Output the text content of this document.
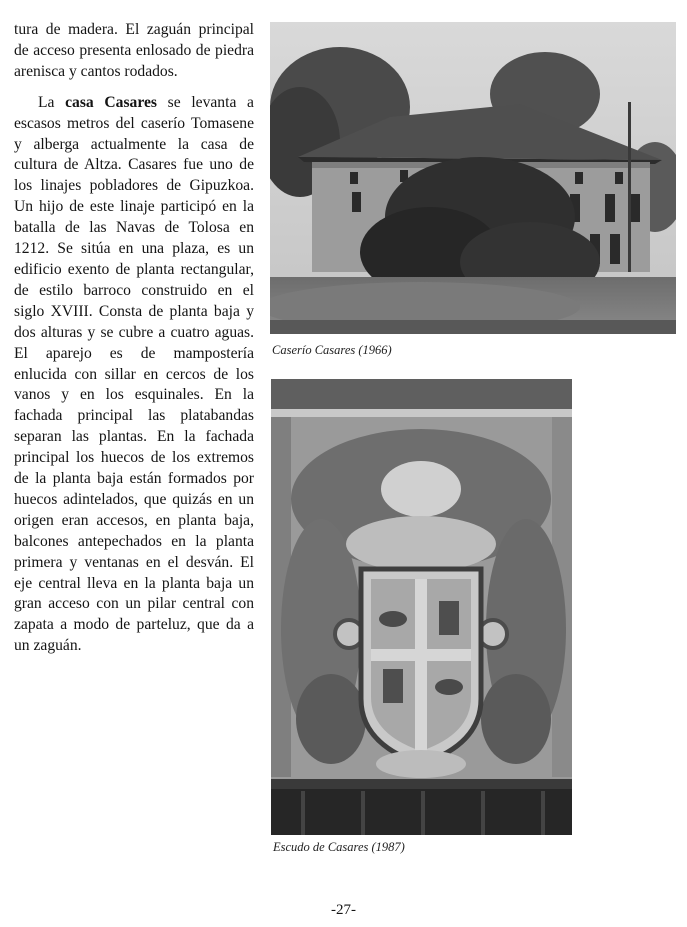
tura de madera. El zaguán principal de acceso presenta enlosado de piedra arenisca y cantos rodados.

La casa Casares se levanta a escasos metros del caserío Tomasene y alberga actualmente la casa de cultura de Altza. Casares fue uno de los linajes pobladores de Gipuzkoa. Un hijo de este linaje participó en la batalla de las Navas de Tolosa en 1212. Se sitúa en una plaza, es un edificio exento de planta rectangular, de estilo barroco construido en el siglo XVIII. Consta de planta baja y dos alturas y se cubre a cuatro aguas. El aparejo es de mampostería enlucida con sillar en cercos de los vanos y en los esquinales. En la fachada principal las platabandas separan las plantas. En la fachada principal los huecos de los extremos de la planta baja están formados por huecos adintelados, que quizás en un origen eran accesos, en planta baja, balcones antepechados en la planta primera y ventanas en el desván. El eje central lleva en la planta baja un gran acceso con un pilar central con zapata a modo de parteluz, que da a un zaguán.

Caserío Casares (1966)
Escudo de Casares (1987)
-27-
